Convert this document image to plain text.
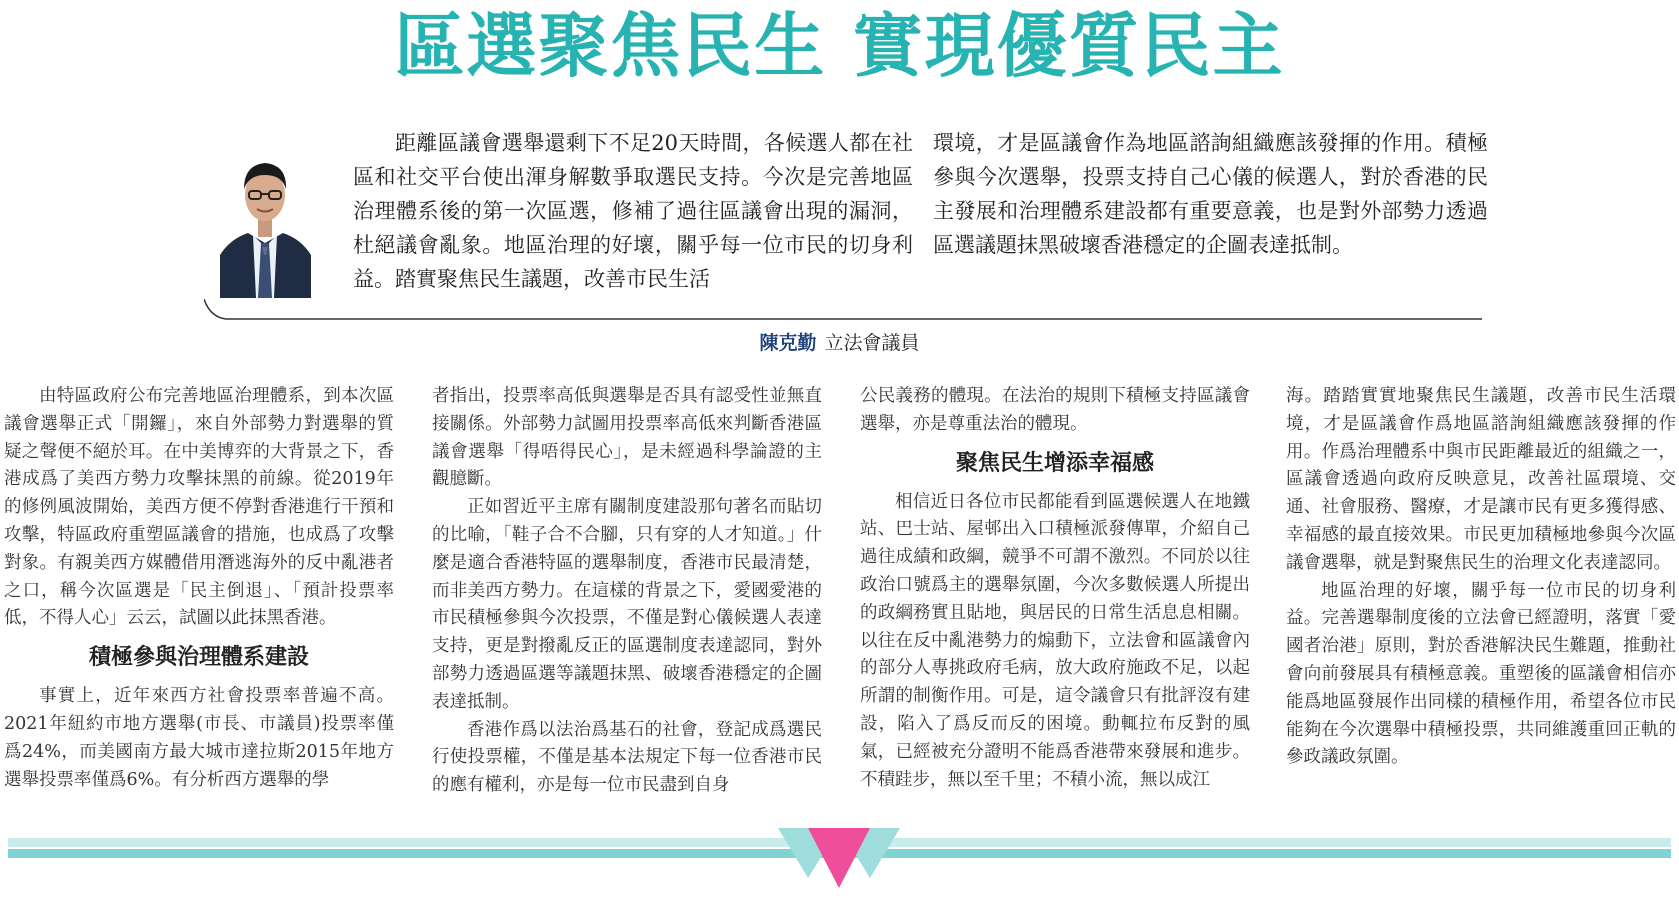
區選聚焦民生 實現優質民主

距離區議會選舉還剩下不足20天時間，各候選人都在社區和社交平台使出渾身解數爭取選民支持。今次是完善地區治理體系後的第一次區選，修補了過往區議會出現的漏洞，杜絕議會亂象。地區治理的好壞，關乎每一位市民的切身利益。踏實聚焦民生議題，改善市民生活

環境，才是區議會作為地區諮詢組織應該發揮的作用。積極參與今次選舉，投票支持自己心儀的候選人，對於香港的民主發展和治理體系建設都有重要意義，也是對外部勢力透過區選議題抹黑破壞香港穩定的企圖表達抵制。

陳克勤 立法會議員

由特區政府公布完善地區治理體系，到本次區議會選舉正式「開鑼」，來自外部勢力對選舉的質疑之聲便不絕於耳。在中美博弈的大背景之下，香港成爲了美西方勢力攻擊抹黑的前線。從2019年的修例風波開始，美西方便不停對香港進行干預和攻擊，特區政府重塑區議會的措施，也成爲了攻擊對象。有親美西方媒體借用潛逃海外的反中亂港者之口，稱今次區選是「民主倒退」、「預計投票率低，不得人心」云云，試圖以此抹黑香港。

積極參與治理體系建設

事實上，近年來西方社會投票率普遍不高。2021年紐約市地方選舉(市長、市議員)投票率僅爲24%，而美國南方最大城市達拉斯2015年地方選舉投票率僅爲6%。有分析西方選舉的學

者指出，投票率高低與選舉是否具有認受性並無直接關係。外部勢力試圖用投票率高低來判斷香港區議會選舉「得唔得民心」，是未經過科學論證的主觀臆斷。

正如習近平主席有關制度建設那句著名而貼切的比喻，「鞋子合不合腳，只有穿的人才知道。」什麼是適合香港特區的選舉制度，香港市民最清楚，而非美西方勢力。在這樣的背景之下，愛國愛港的市民積極參與今次投票，不僅是對心儀候選人表達支持，更是對撥亂反正的區選制度表達認同，對外部勢力透過區選等議題抹黑、破壞香港穩定的企圖表達抵制。

香港作爲以法治爲基石的社會，登記成爲選民行使投票權，不僅是基本法規定下每一位香港市民的應有權利，亦是每一位市民盡到自身

公民義務的體現。在法治的規則下積極支持區議會選舉，亦是尊重法治的體現。

聚焦民生增添幸福感

相信近日各位市民都能看到區選候選人在地鐵站、巴士站、屋邨出入口積極派發傳單，介紹自己過往成績和政綱，競爭不可謂不激烈。不同於以往政治口號爲主的選舉氛圍，今次多數候選人所提出的政綱務實且貼地，與居民的日常生活息息相關。以往在反中亂港勢力的煽動下，立法會和區議會內的部分人專挑政府毛病，放大政府施政不足，以起所謂的制衡作用。可是，這令議會只有批評沒有建設，陷入了爲反而反的困境。動輒拉布反對的風氣，已經被充分證明不能爲香港帶來發展和進步。不積跬步，無以至千里；不積小流，無以成江

海。踏踏實實地聚焦民生議題，改善市民生活環境，才是區議會作爲地區諮詢組織應該發揮的作用。作爲治理體系中與市民距離最近的組織之一，區議會透過向政府反映意見，改善社區環境、交通、社會服務、醫療，才是讓市民有更多獲得感、幸福感的最直接效果。市民更加積極地參與今次區議會選舉，就是對聚焦民生的治理文化表達認同。

地區治理的好壞，關乎每一位市民的切身利益。完善選舉制度後的立法會已經證明，落實「愛國者治港」原則，對於香港解決民生難題，推動社會向前發展具有積極意義。重塑後的區議會相信亦能爲地區發展作出同樣的積極作用，希望各位市民能夠在今次選舉中積極投票，共同維護重回正軌的參政議政氛圍。
